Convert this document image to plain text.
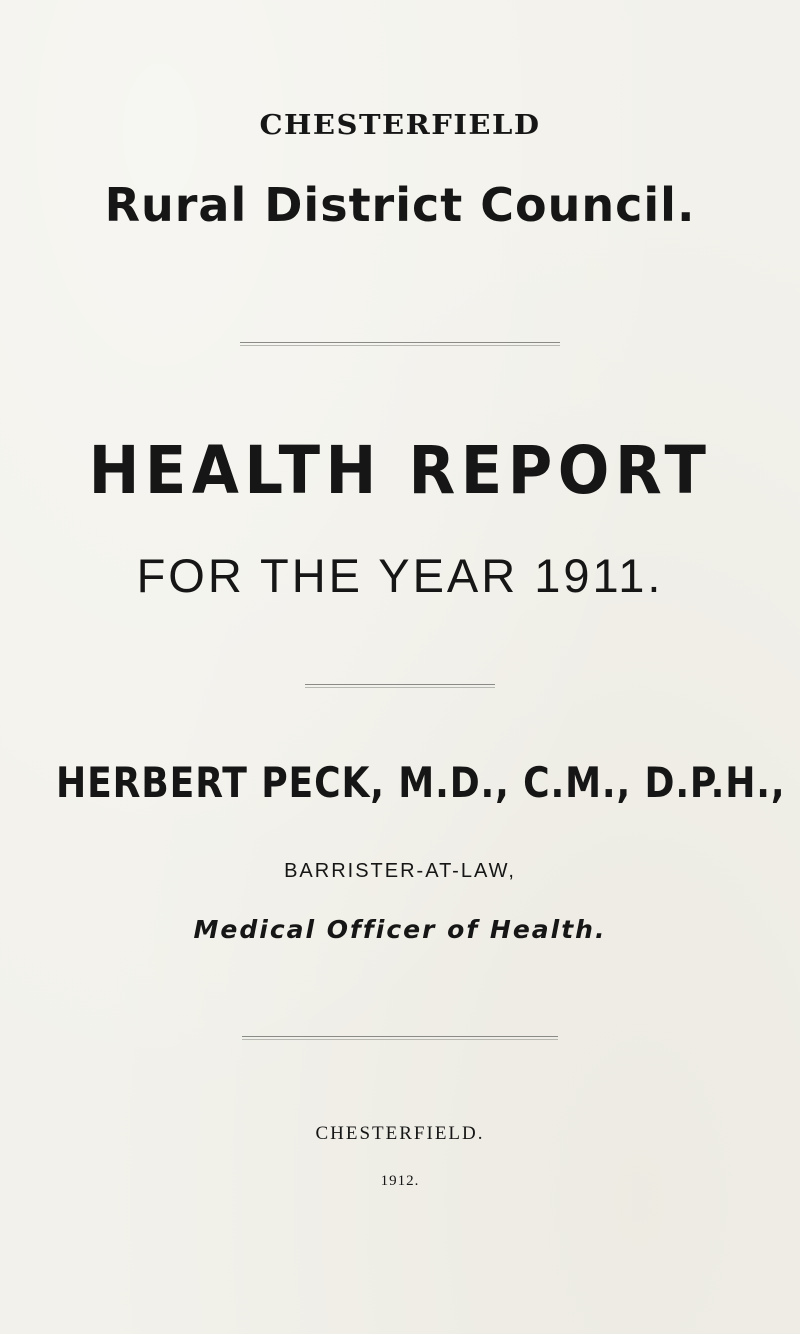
CHESTERFIELD
Rural District Council.
HEALTH REPORT
FOR THE YEAR 1911.
HERBERT PECK, M.D., C.M., D.P.H.,
BARRISTER-AT-LAW,
Medical Officer of Health.
CHESTERFIELD.
1912.
